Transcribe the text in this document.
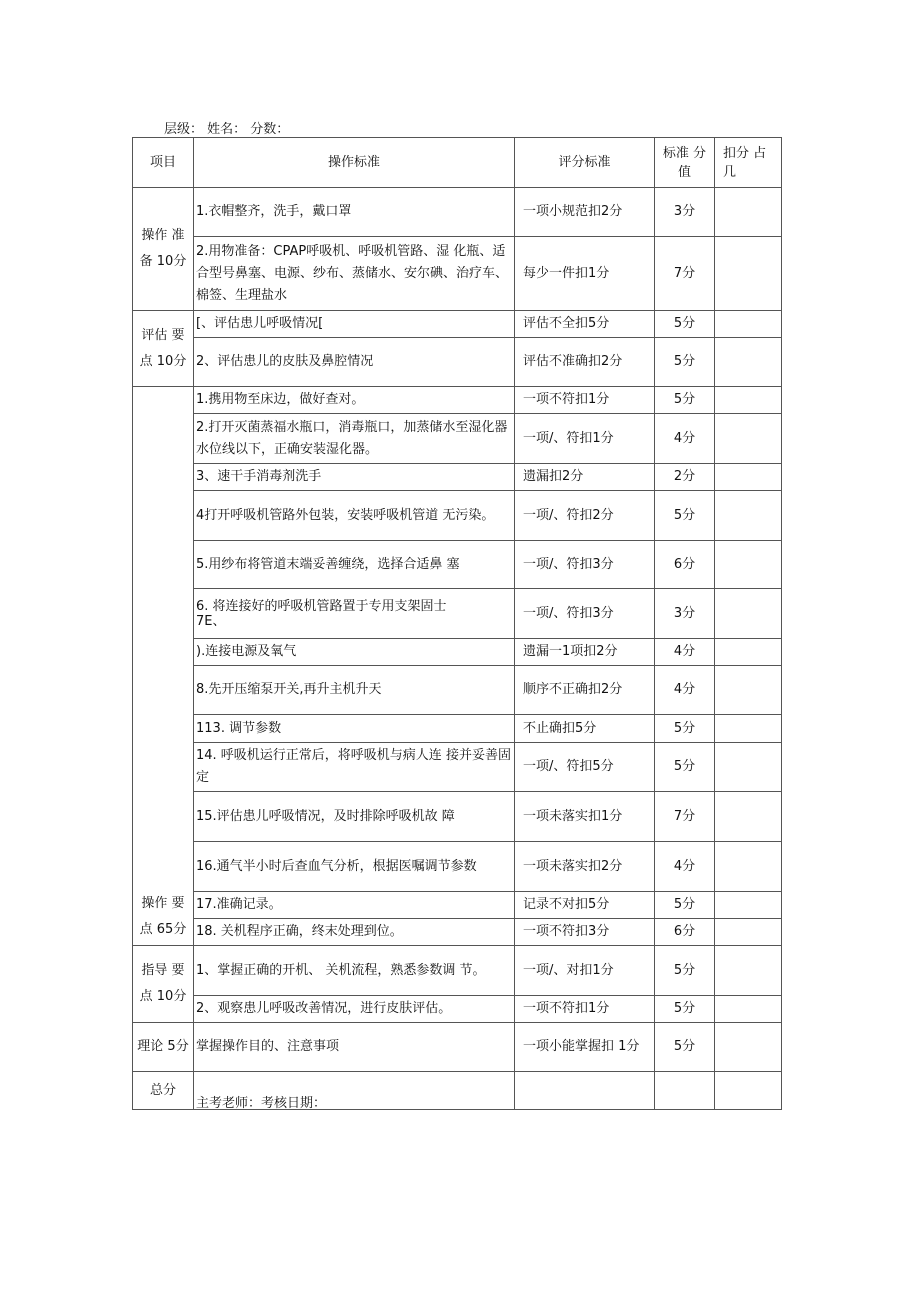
层级： 姓名： 分数：
项目	操作标准	评分标准	标准 分值	扣分 占​几
操作 准备 10分	1.衣帽整齐，洗手，戴口罩	一项小规范扣2分	3分	
	2.用物准备：CPAP呼吸机、呼吸机管路、湿 化瓶、适合型号鼻塞、电源、纱布、蒸储水、安尔碘、治疗车、棉签、生理盐水	每少一件扣1分	7分	
评估 要点 10分	[、评估患儿呼吸情况[	评估不全扣5分	5分	
	2、评估患儿的皮肤及鼻腔情况	评估不准确扣2分	5分	
操作 要点 65分	1.携用物至床边，做好查对。	一项不符扣1分	5分	
	2.打开灭菌蒸福水瓶口，消毒瓶口，加蒸储水至湿化器水位线以下，正确安装湿化器。	一项/、符扣1分	4分	
	3、速干手消毒剂洗手	遗漏扣2分	2分	
	4打开呼吸机管路外包装，安装呼吸机管道 无污染。	一项/、符扣2分	5分	
	5.用纱布将管道末端妥善缠绕，选择合适鼻 塞	一项/、符扣3分	6分	

	6. 将连接好的呼吸机管路置于专用支架固士
7E、	一项/、符扣3分	3分	
	).连接电源及氧气	遗漏一1项扣2分	4分	
	8.先开压缩泵开关,再升主机升天	顺序不正确扣2分	4分	
	113. 调节参数	不止确扣5分	5分	
	14. 呼吸机运行正常后，将呼吸机与病人连 接并妥善固定	一项/、符扣5分	5分	
	15.评估患儿呼吸情况，及时排除呼吸机故 障	一项未落实扣1分	7分	
	16.通气半小时后查血气分析，根据医嘱调节参数	一项未落实扣2分	4分	
	17.准确记录。	记录不对扣5分	5分	
	18. 关机程序正确，终末处理到位。	一项不符扣3分	6分	
指导 要点 10分	1、掌握正确的开机、 关机流程，熟悉参数调 节。	一项/、对扣1分	5分	
	2、观察患儿呼吸改善情况，进行皮肤评估。	一项不符扣1分	5分	
理论 5分	掌握操作目的、注意事项	一项小能掌握扣 1分	5分	
总分				
主考老师：考核日期：
